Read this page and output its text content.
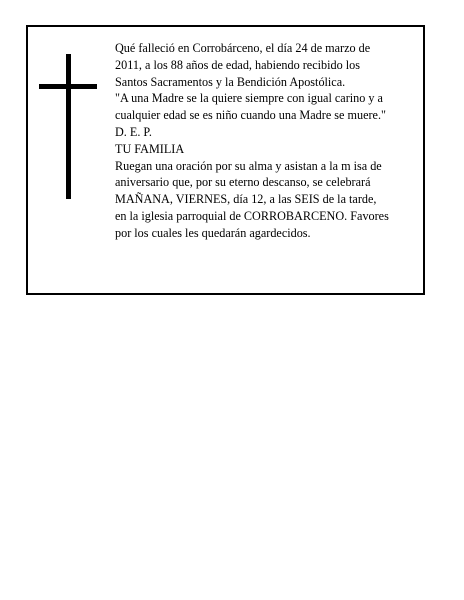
Qué falleció en Corrobárceno, el día 24 de marzo de
2011, a los 88 años de edad, habiendo recibido los
Santos Sacramentos y la Bendición Apostólica.
"A una Madre se la quiere siempre con igual carino y a
cualquier edad se es niño cuando una Madre se muere."
D. E. P.
TU FAMILIA
Ruegan una oración por su alma y asistan a la m isa de
aniversario que, por su eterno descanso, se celebrará
MAÑANA, VIERNES, día 12, a las SEIS de la tarde,
en la iglesia parroquial de CORROBARCENO. Favores
por los cuales les quedarán agardecidos.
